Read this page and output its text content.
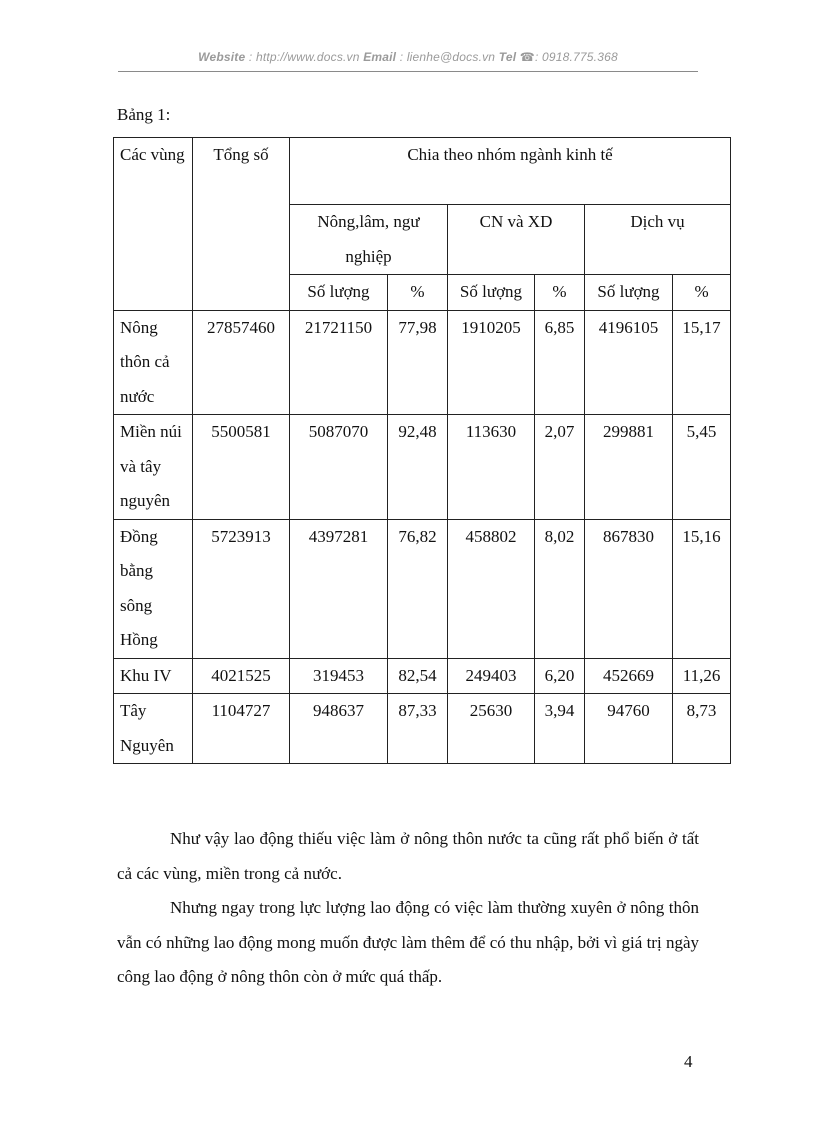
Website : http://www.docs.vn Email : lienhe@docs.vn Tel ☎: 0918.775.368
Bảng 1:
Các vùng	Tổng số	Chia theo nhóm ngành kinh tế					
		Nông,lâm, ngư nghiệp		CN và XD		Dịch vụ	
		Số lượng	%	Số lượng	%	Số lượng	%
Nông thôn cả nước	27857460	21721150	77,98	1910205	6,85	4196105	15,17
Miền núi và tây nguyên	5500581	5087070	92,48	113630	2,07	299881	5,45
Đồng bằng sông Hồng	5723913	4397281	76,82	458802	8,02	867830	15,16
Khu IV	4021525	319453	82,54	249403	6,20	452669	11,26
Tây Nguyên	1104727	948637	87,33	25630	3,94	94760	8,73

Như vậy lao động thiếu việc làm ở nông thôn nước ta cũng rất phổ biến ở tất cả các vùng, miền trong cả nước.

Nhưng ngay trong lực lượng lao động có việc làm thường xuyên ở nông thôn vẫn có những lao động mong muốn được làm thêm để có thu nhập, bởi vì giá trị ngày công lao động ở nông thôn còn ở mức quá thấp.

4
